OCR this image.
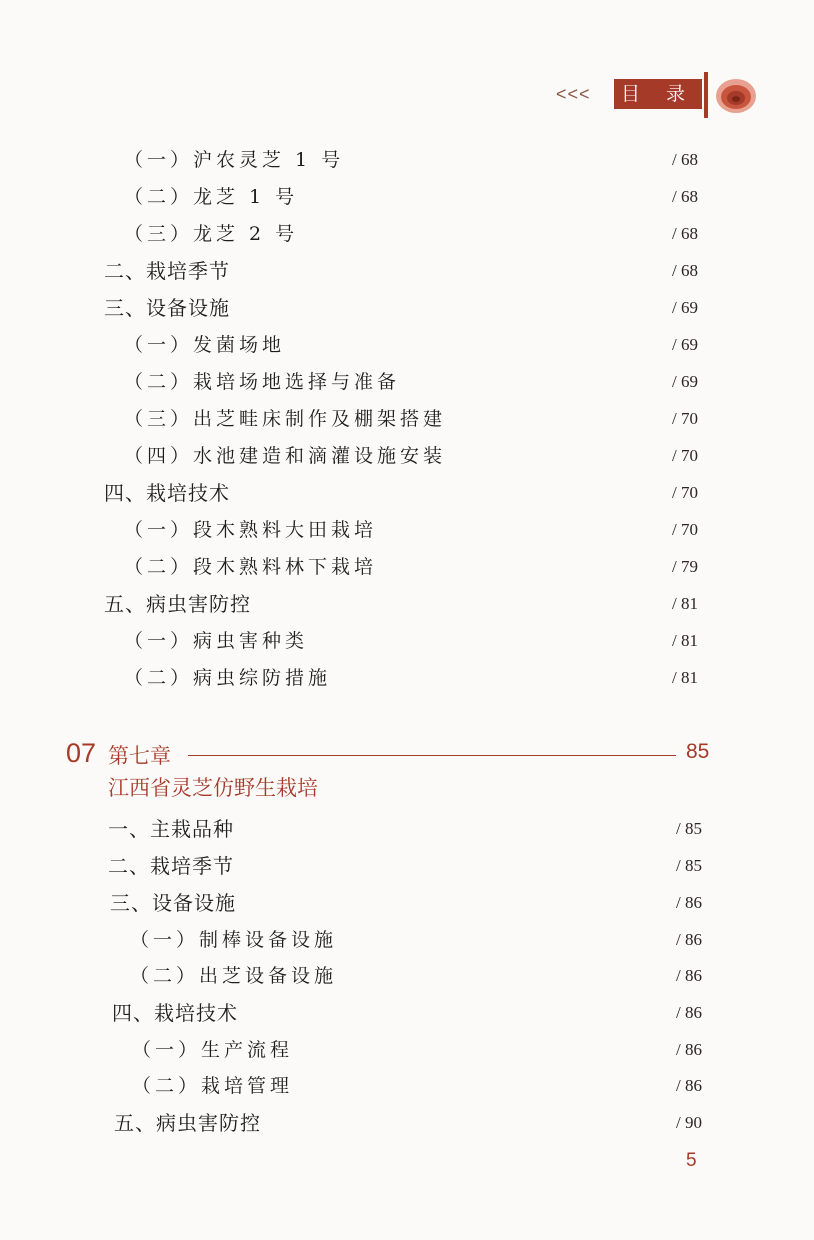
<<<	目 录
（一）沪农灵芝 1 号	/ 68
（二）龙芝 1 号	/ 68
（三）龙芝 2 号	/ 68
二、栽培季节	/ 68
三、设备设施	/ 69
（一）发菌场地	/ 69
（二）栽培场地选择与准备	/ 69
（三）出芝畦床制作及棚架搭建	/ 70
（四）水池建造和滴灌设施安装	/ 70
四、栽培技术	/ 70
（一）段木熟料大田栽培	/ 70
（二）段木熟料林下栽培	/ 79
五、病虫害防控	/ 81
（一）病虫害种类	/ 81
（二）病虫综防措施	/ 81
07 第七章	85
江西省灵芝仿野生栽培
一、主栽品种	/ 85
二、栽培季节	/ 85
三、设备设施	/ 86
（一）制棒设备设施	/ 86
（二）出芝设备设施	/ 86
四、栽培技术	/ 86
（一）生产流程	/ 86
（二）栽培管理	/ 86
五、病虫害防控	/ 90
5
